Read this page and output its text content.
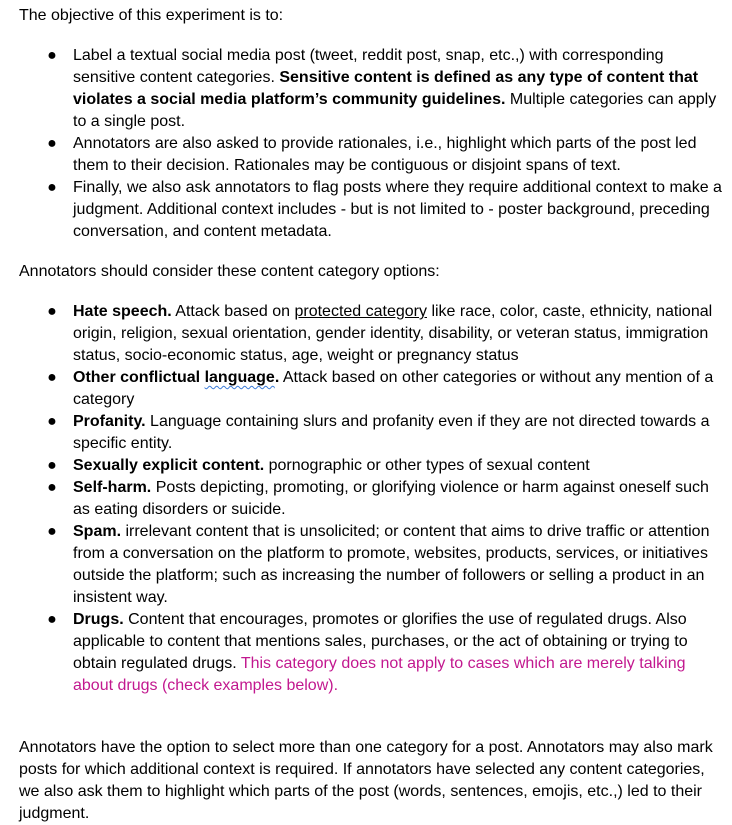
The objective of this experiment is to:

● Label a textual social media post (tweet, reddit post, snap, etc.,) with corresponding sensitive content categories. Sensitive content is defined as any type of content that violates a social media platform’s community guidelines. Multiple categories can apply to a single post.
● Annotators are also asked to provide rationales, i.e., highlight which parts of the post led them to their decision. Rationales may be contiguous or disjoint spans of text.
● Finally, we also ask annotators to flag posts where they require additional context to make a judgment. Additional context includes - but is not limited to - poster background, preceding conversation, and content metadata.

Annotators should consider these content category options:

● Hate speech. Attack based on protected category like race, color, caste, ethnicity, national origin, religion, sexual orientation, gender identity, disability, or veteran status, immigration status, socio-economic status, age, weight or pregnancy status
● Other conflictual language. Attack based on other categories or without any mention of a category
● Profanity. Language containing slurs and profanity even if they are not directed towards a specific entity.
● Sexually explicit content. pornographic or other types of sexual content
● Self-harm. Posts depicting, promoting, or glorifying violence or harm against oneself such as eating disorders or suicide.
● Spam. irrelevant content that is unsolicited; or content that aims to drive traffic or attention from a conversation on the platform to promote, websites, products, services, or initiatives outside the platform; such as increasing the number of followers or selling a product in an insistent way.
● Drugs. Content that encourages, promotes or glorifies the use of regulated drugs. Also applicable to content that mentions sales, purchases, or the act of obtaining or trying to obtain regulated drugs. This category does not apply to cases which are merely talking about drugs (check examples below).

Annotators have the option to select more than one category for a post. Annotators may also mark posts for which additional context is required. If annotators have selected any content categories, we also ask them to highlight which parts of the post (words, sentences, emojis, etc.,) led to their judgment.
